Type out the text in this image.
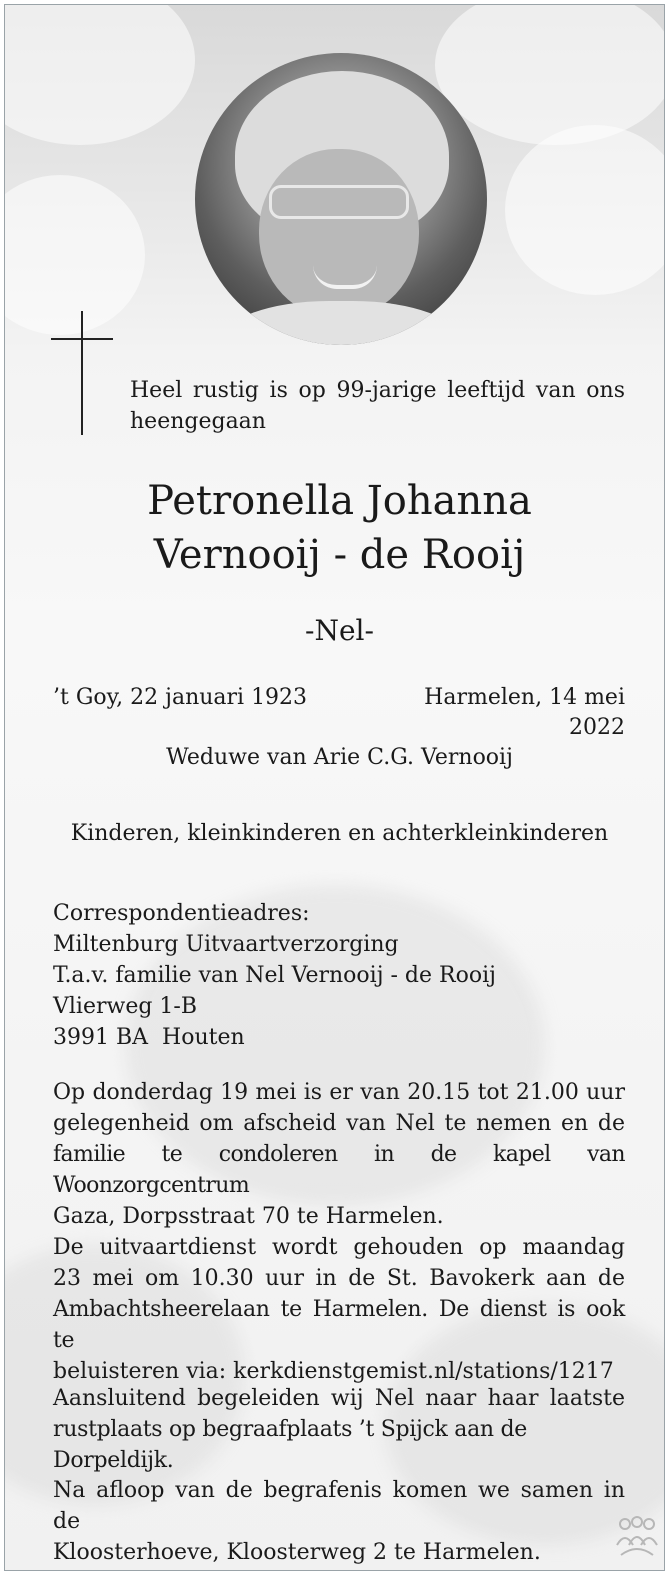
Heel rustig is op 99-jarige leeftijd van ons

heengegaan

Petronella Johanna

Vernooij - de Rooij

-Nel-

’t Goy, 22 januari 1923	Harmelen, 14 mei 2022

Weduwe van Arie C.G. Vernooij

Kinderen, kleinkinderen en achterkleinkinderen

Correspondentieadres:

Miltenburg Uitvaartverzorging

T.a.v. familie van Nel Vernooij - de Rooij

Vlierweg 1-B

3991 BA  Houten

Op donderdag 19 mei is er van 20.15 tot 21.00 uur
gelegenheid om afscheid van Nel te nemen en de
familie te condoleren in de kapel van Woonzorgcentrum
Gaza, Dorpsstraat 70 te Harmelen.
De uitvaartdienst wordt gehouden op maandag
23 mei om 10.30 uur in de St. Bavokerk aan de
Ambachtsheerelaan te Harmelen. De dienst is ook te
beluisteren via: kerkdienstgemist.nl/stations/1217
Aansluitend begeleiden wij Nel naar haar laatste
rustplaats op begraafplaats ’t Spijck aan de Dorpeldijk.
Na afloop van de begrafenis komen we samen in de
Kloosterhoeve, Kloosterweg 2 te Harmelen.
